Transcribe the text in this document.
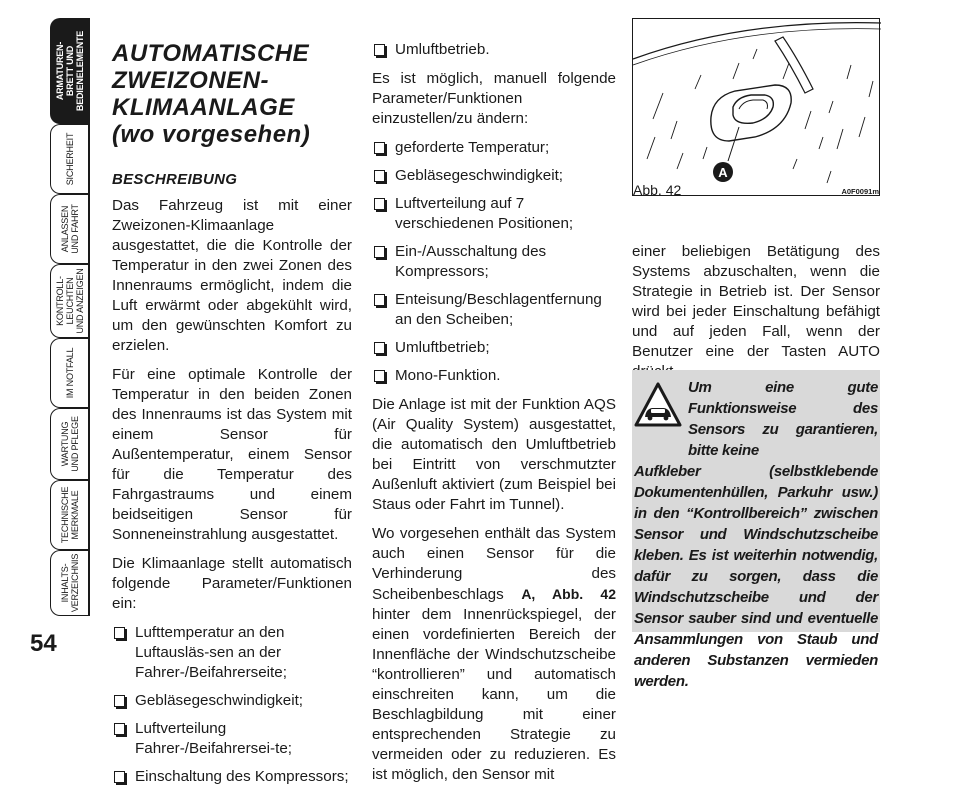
ARMATUREN-
BRETT UND
BEDIENELEMENTE
SICHERHEIT
ANLASSEN
UND FAHRT
KONTROLL-
LEUCHTEN
UND ANZEIGEN
IM NOTFALL
WARTUNG
UND PFLEGE
TECHNISCHE
MERKMALE
INHALTS-
VERZEICHNIS
54
AUTOMATISCHE
ZWEIZONEN-
KLIMAANLAGE
(wo vorgesehen)
BESCHREIBUNG

Das Fahrzeug ist mit einer Zweizonen-Klimaanlage ausgestattet, die die Kontrolle der Temperatur in den zwei Zonen des Innenraums ermöglicht, indem die Luft erwärmt oder abgekühlt wird, um den gewünschten Komfort zu erzielen.

Für eine optimale Kontrolle der Temperatur in den beiden Zonen des Innenraums ist das System mit einem Sensor für Außentemperatur, einem Sensor für die Temperatur des Fahrgastraums und einem beidseitigen Sensor für Sonneneinstrahlung ausgestattet.

Die Klimaanlage stellt automatisch folgende Parameter/Funktionen ein:

Lufttemperatur an den Luftausläs-sen an der Fahrer-/Beifahrerseite;
Gebläsegeschwindigkeit;
Luftverteilung Fahrer-/Beifahrersei-te;
Einschaltung des Kompressors;
Umluftbetrieb.

Es ist möglich, manuell folgende Parameter/Funktionen einzustellen/zu ändern:

geforderte Temperatur;
Gebläsegeschwindigkeit;
Luftverteilung auf 7 verschiedenen Positionen;
Ein-/Ausschaltung des Kompressors;
Enteisung/Beschlagentfernung an den Scheiben;
Umluftbetrieb;
Mono-Funktion.

Die Anlage ist mit der Funktion AQS (Air Quality System) ausgestattet, die automatisch den Umluftbetrieb bei Eintritt von verschmutzter Außenluft aktiviert (zum Beispiel bei Staus oder Fahrt im Tunnel).

Wo vorgesehen enthält das System auch einen Sensor für die Verhinderung des Scheibenbeschlags A, Abb. 42 hinter dem Innenrückspiegel, der einen vordefinierten Bereich der Innenfläche der Windschutzscheibe “kontrollieren” und automatisch einschreiten kann, um die Beschlagbildung mit einer entsprechenden Strategie zu vermeiden oder zu reduzieren. Es ist möglich, den Sensor mit

A
Abb. 42	A0F0091m

einer beliebigen Betätigung des Systems abzuschalten, wenn die Strategie in Betrieb ist. Der Sensor wird bei jeder Einschaltung befähigt und auf jeden Fall, wenn der Benutzer eine der Tasten AUTO

Um eine gute Funktionsweise des Sensors zu garantieren, bitte keine
Aufkleber (selbstklebende Dokumentenhüllen, Parkuhr usw.) in den “Kontrollbereich” zwischen Sensor und Windschutzscheibe kleben. Es ist weiterhin notwendig, dafür zu sorgen, dass die Windschutzscheibe und der Sensor sauber sind und eventuelle Ansammlungen von Staub und anderen Substanzen vermieden werden.
